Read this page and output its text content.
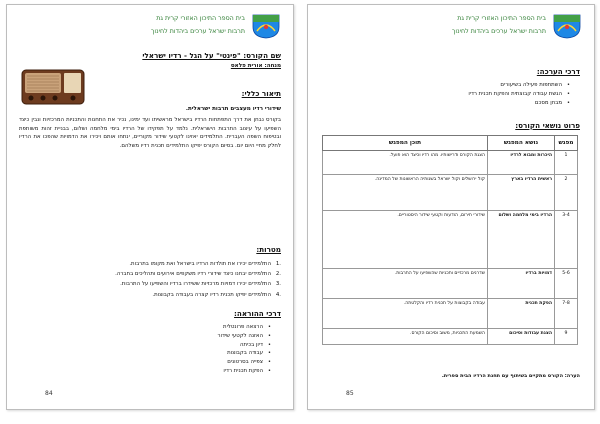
בית הספר התיכון האזורי קרית גת
תרבות ישראל ערכים ביהדות לחינוך
שם הקורס: "פינטי" על הגל - רדיו ישראלי
מנחה: אורית פלאס
תיאור כללי:
שידורי רדיו מעצבים תרבות ישראלית.
בקורס נבחן את דרך התפתחות הרדיו בישראל מראשיתו ועד ימינו, נכיר את התחנות והתכניות המרכזיות ונבין כיצד השפיעו על עיצוב התרבות הישראלית. נלמד על תפקידו של הרדיו בימי מלחמה ושלום, בבניית זהות משותפת ובטיפוח השפה העברית. התלמידים יאזינו לקטעי שידור מקוריים, ינתחו אותם ויכירו את הדמויות שהפכו את הרדיו לחלק מחיי היום יום. בסיום הקורס יפיקו התלמידים תכנית רדיו משלהם.
מטרות:
.1
התלמידים יכירו את תולדות הרדיו בישראל ואת מקומו בתרבות.
.2
התלמידים יבחנו כיצד שידורי רדיו משקפים אירועים ותהליכים בחברה.
.3
התלמידים יכירו דמויות מרכזיות ששידרו ברדיו והשפיעו על התרבות.
.4
התלמידים יפיקו תכנית רדיו קצרה בעבודה בקבוצות.
דרכי ההוראה:
• הרצאה פרונטלית
• האזנה לקטעי שידור
• דיון בכיתה
• עבודה בקבוצות
• צפייה בסרטונים
• הפקת תכנית רדיו
84
בית הספר התיכון האזורי קרית גת
תרבות ישראל ערכים ביהדות לחינוך
דרכי הערכה:
• השתתפות פעילה בשיעורים
• הגשת עבודה קבוצתית והפקת תכנית רדיו
• מבחן מסכם
פרוט נושאי הקורס:
מפגש	נושא המפגש	תוכן המפגש
1	היכרות ומבוא לרדיו	הצגת הקורס ודרישותיו. מהו רדיו וכיצד הוא פועל.
2	ראשית הרדיו בארץ	קול ירושלים וקול ישראל בשנותיה הראשונות של המדינה.
3-4	הרדיו בימי מלחמה ושלום	שידורי חירום, הודעות וקטעי שידור היסטוריים.
5-6	דמויות ברדיו	שדרנים מרכזיים ותכניות שהשפיעו על התרבות.
7-8	הפקת תכנית	עבודה בקבוצות על תכנית רדיו והקלטתה.
9	הצגת עבודות וסיכום	השמעת התכניות, משוב וסיכום הקורס.
הערה: הקורס מתקיים בשיתוף עם תחנת הרדיו הבית ספרית.
85
